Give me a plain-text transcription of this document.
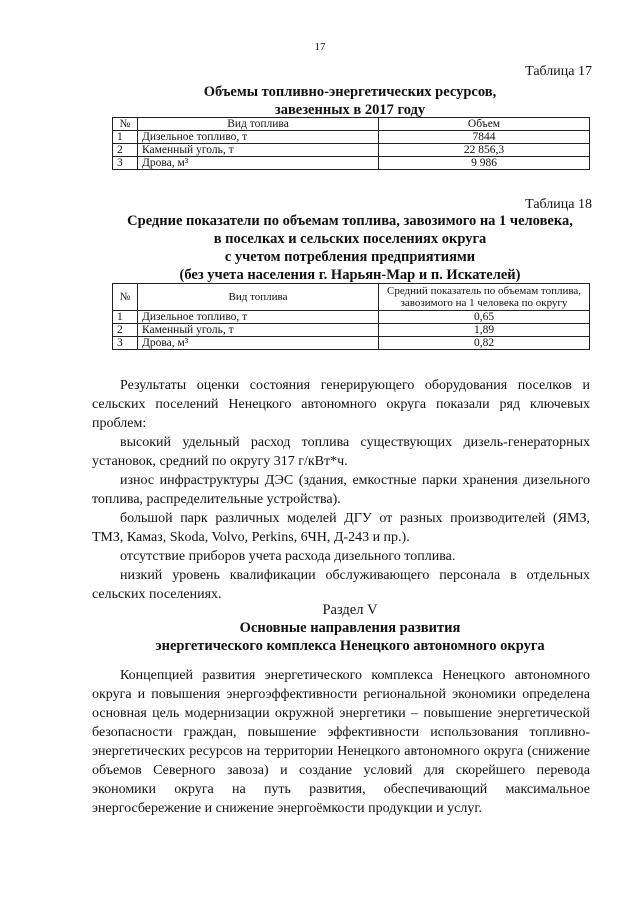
17
Таблица 17
Объемы топливно-энергетических ресурсов,
завезенных в 2017 году
№	Вид топлива	Объем
1	Дизельное топливо, т	7844
2	Каменный уголь, т	22 856,3
3	Дрова, м³	9 986
Таблица 18
Средние показатели по объемам топлива, завозимого на 1 человека,
в поселках и сельских поселениях округа
с учетом потребления предприятиями
(без учета населения г. Нарьян-Мар и п. Искателей)
№	Вид топлива	Средний показатель по объемам топлива, завозимого на 1 человека по округу
1	Дизельное топливо, т	0,65
2	Каменный уголь, т	1,89
3	Дрова, м³	0,82
Результаты оценки состояния генерирующего оборудования поселков и сельских поселений Ненецкого автономного округа показали ряд ключевых проблем:
высокий удельный расход топлива существующих дизель-генераторных установок, средний по округу 317 г/кВт*ч.
износ инфраструктуры ДЭС (здания, емкостные парки хранения дизельного топлива, распределительные устройства).
большой парк различных моделей ДГУ от разных производителей (ЯМЗ, ТМЗ, Камаз, Skoda, Volvo, Perkins, 6ЧН, Д-243 и пр.).
отсутствие приборов учета расхода дизельного топлива.
низкий уровень квалификации обслуживающего персонала в отдельных сельских поселениях.
Раздел V
Основные направления развития
энергетического комплекса Ненецкого автономного округа
Концепцией развития энергетического комплекса Ненецкого автономного округа и повышения энергоэффективности региональной экономики определена основная цель модернизации окружной энергетики – повышение энергетической безопасности граждан, повышение эффективности использования топливно-энергетических ресурсов на территории Ненецкого автономного округа (снижение объемов Северного завоза) и создание условий для скорейшего перевода экономики округа на путь развития, обеспечивающий максимальное энергосбережение и снижение энергоёмкости продукции и услуг.
